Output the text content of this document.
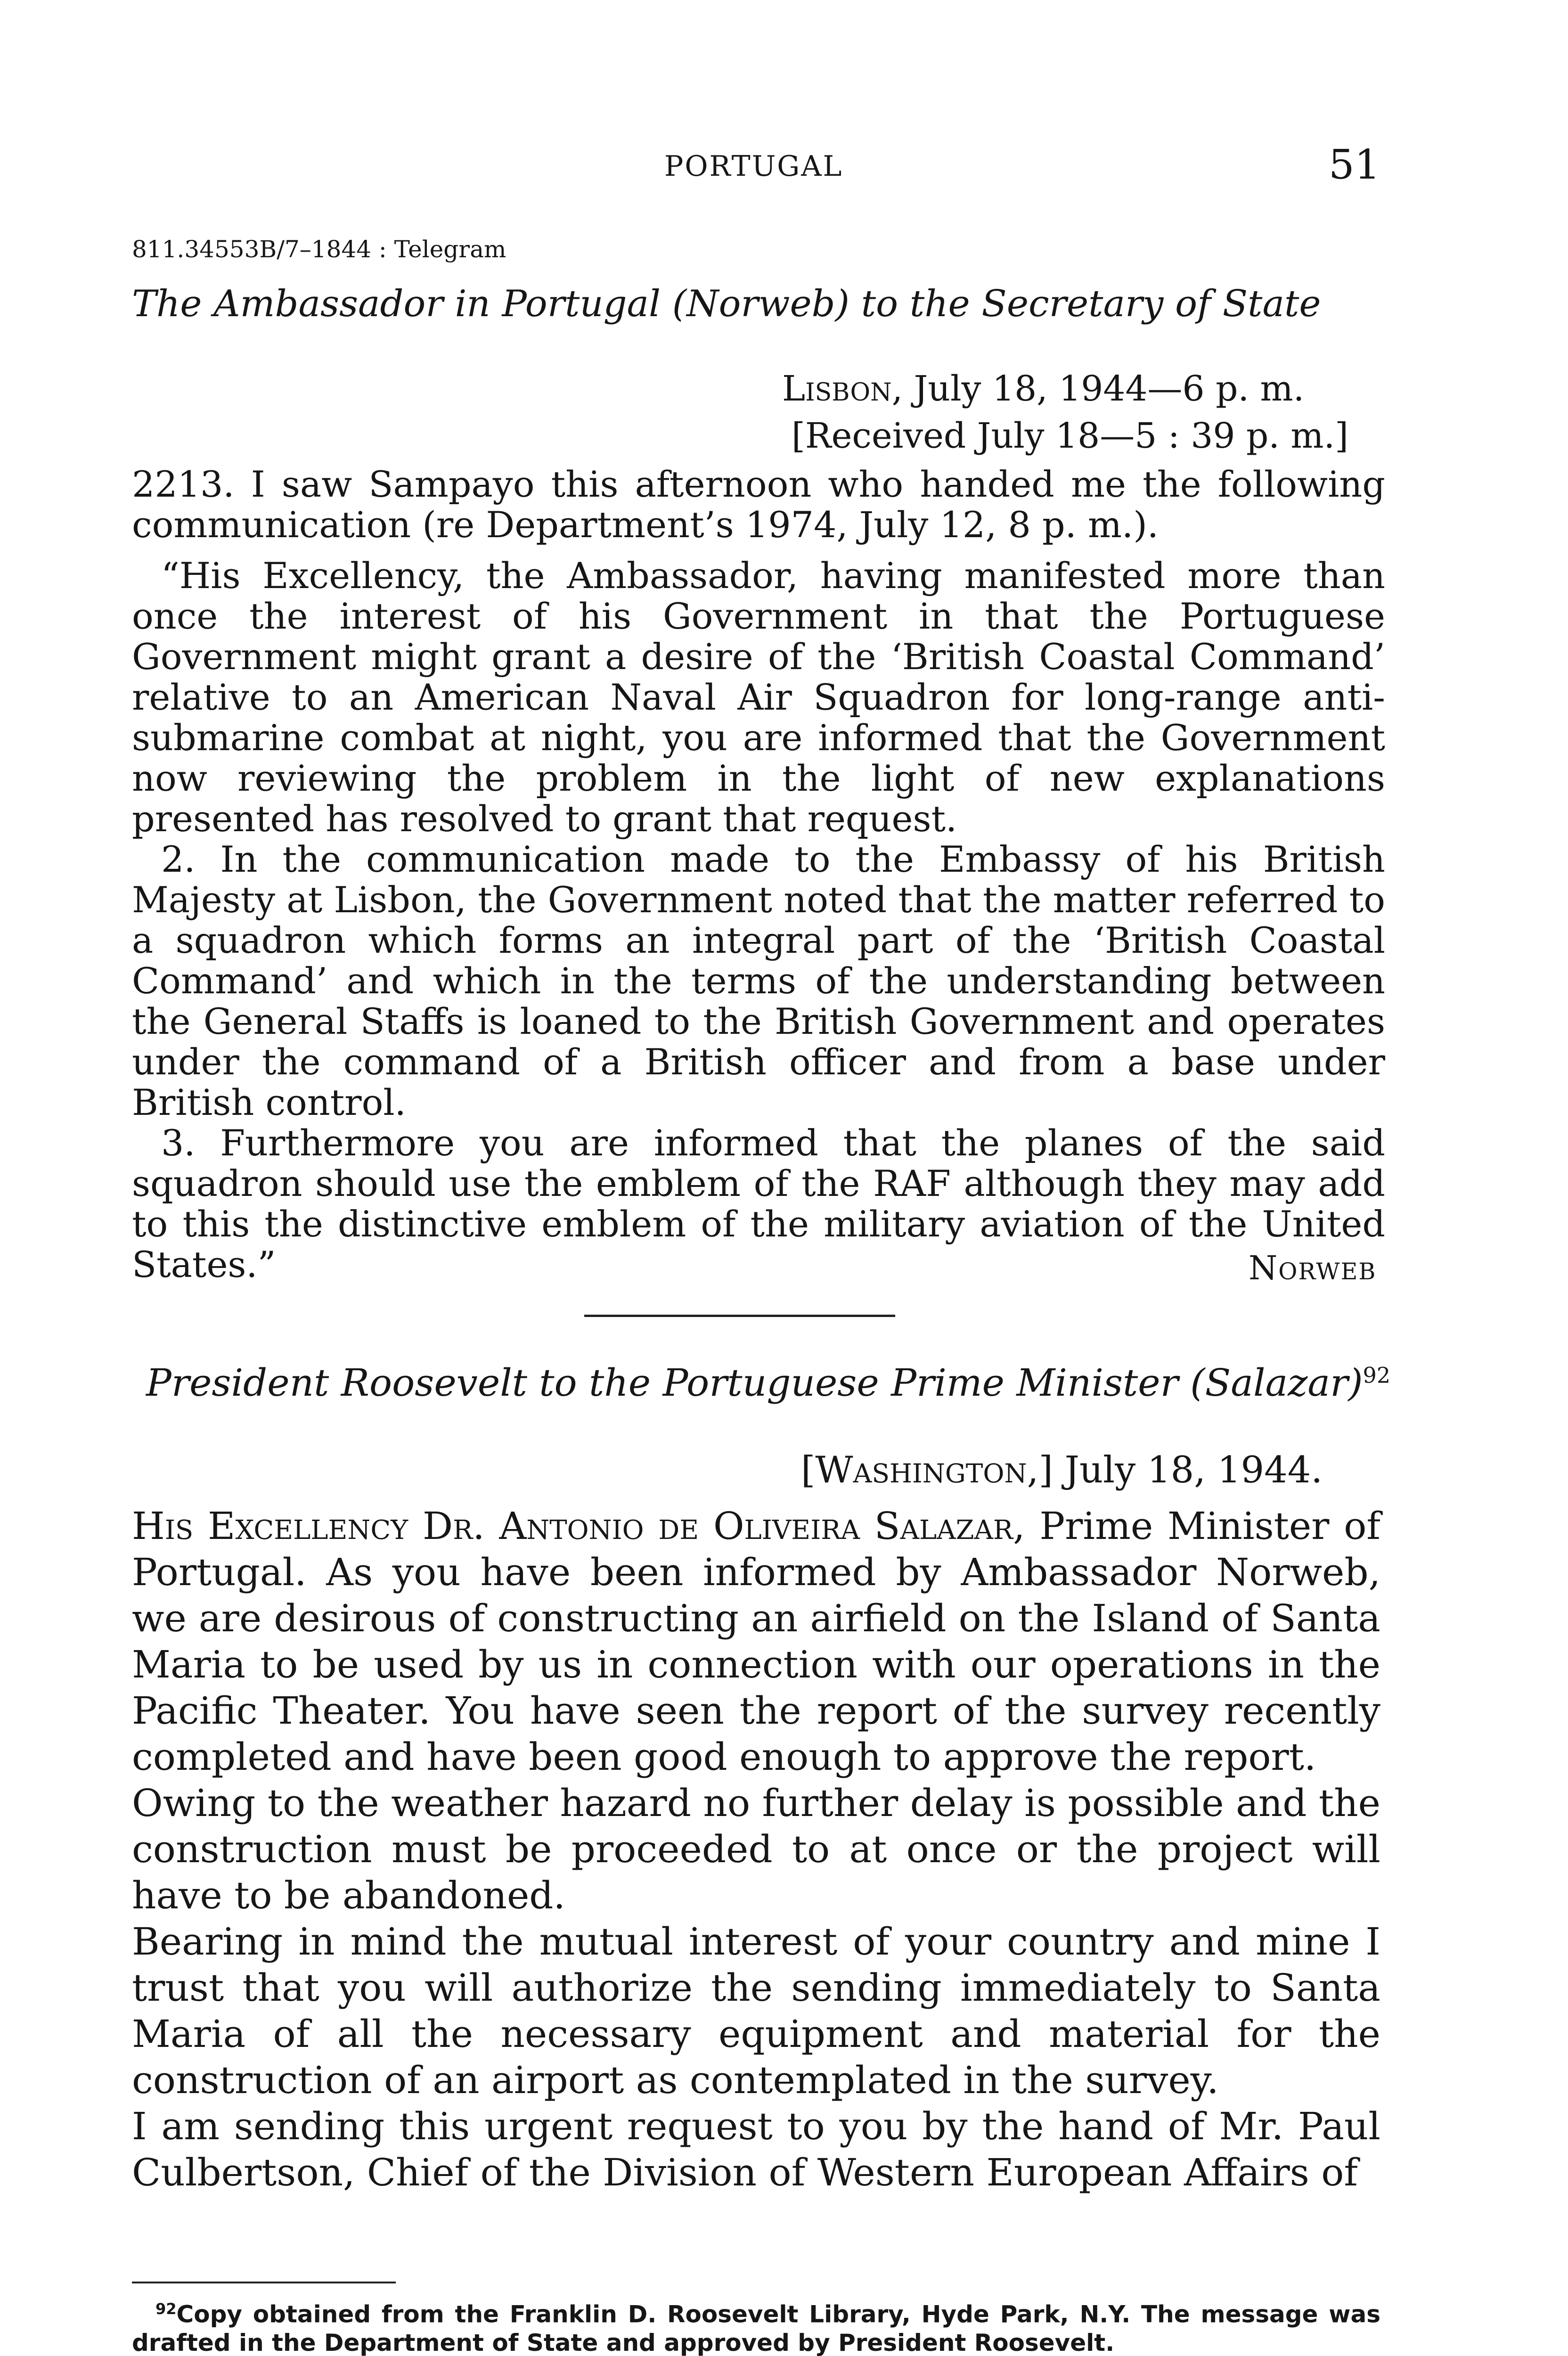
PORTUGAL	51
811.34553B/7–1844 : Telegram
The Ambassador in Portugal (Norweb) to the Secretary of State
Lisbon, July 18, 1944—6 p. m.
[Received July 18—5 : 39 p. m.]

2213. I saw Sampayo this afternoon who handed me the following communication (re Department’s 1974, July 12, 8 p. m.).

“His Excellency, the Ambassador, having manifested more than once the interest of his Government in that the Portuguese Government might grant a desire of the ‘British Coastal Command’ relative to an American Naval Air Squadron for long-range anti-submarine combat at night, you are informed that the Government now reviewing the problem in the light of new explanations presented has resolved to grant that request.

2. In the communication made to the Embassy of his British Majesty at Lisbon, the Government noted that the matter referred to a squadron which forms an integral part of the ‘British Coastal Command’ and which in the terms of the understanding between the General Staffs is loaned to the British Government and operates under the command of a British officer and from a base under British control.

3. Furthermore you are informed that the planes of the said squadron should use the emblem of the RAF although they may add to this the distinctive emblem of the military aviation of the United States.”	Norweb
President Roosevelt to the Portuguese Prime Minister (Salazar)$^{92}$
[Washington,] July 18, 1944.

His Excellency Dr. Antonio de Oliveira Salazar, Prime Minister of Portugal. As you have been informed by Ambassador Norweb, we are desirous of constructing an airfield on the Island of Santa Maria to be used by us in connection with our operations in the Pacific Theater. You have seen the report of the survey recently completed and have been good enough to approve the report.

Owing to the weather hazard no further delay is possible and the construction must be proceeded to at once or the project will have to be abandoned.

Bearing in mind the mutual interest of your country and mine I trust that you will authorize the sending immediately to Santa Maria of all the necessary equipment and material for the construction of an airport as contemplated in the survey.

I am sending this urgent request to you by the hand of Mr. Paul Culbertson, Chief of the Division of Western European Affairs of

$^{92}$Copy obtained from the Franklin D. Roosevelt Library, Hyde Park, N.Y. The message was drafted in the Department of State and approved by President Roosevelt.
